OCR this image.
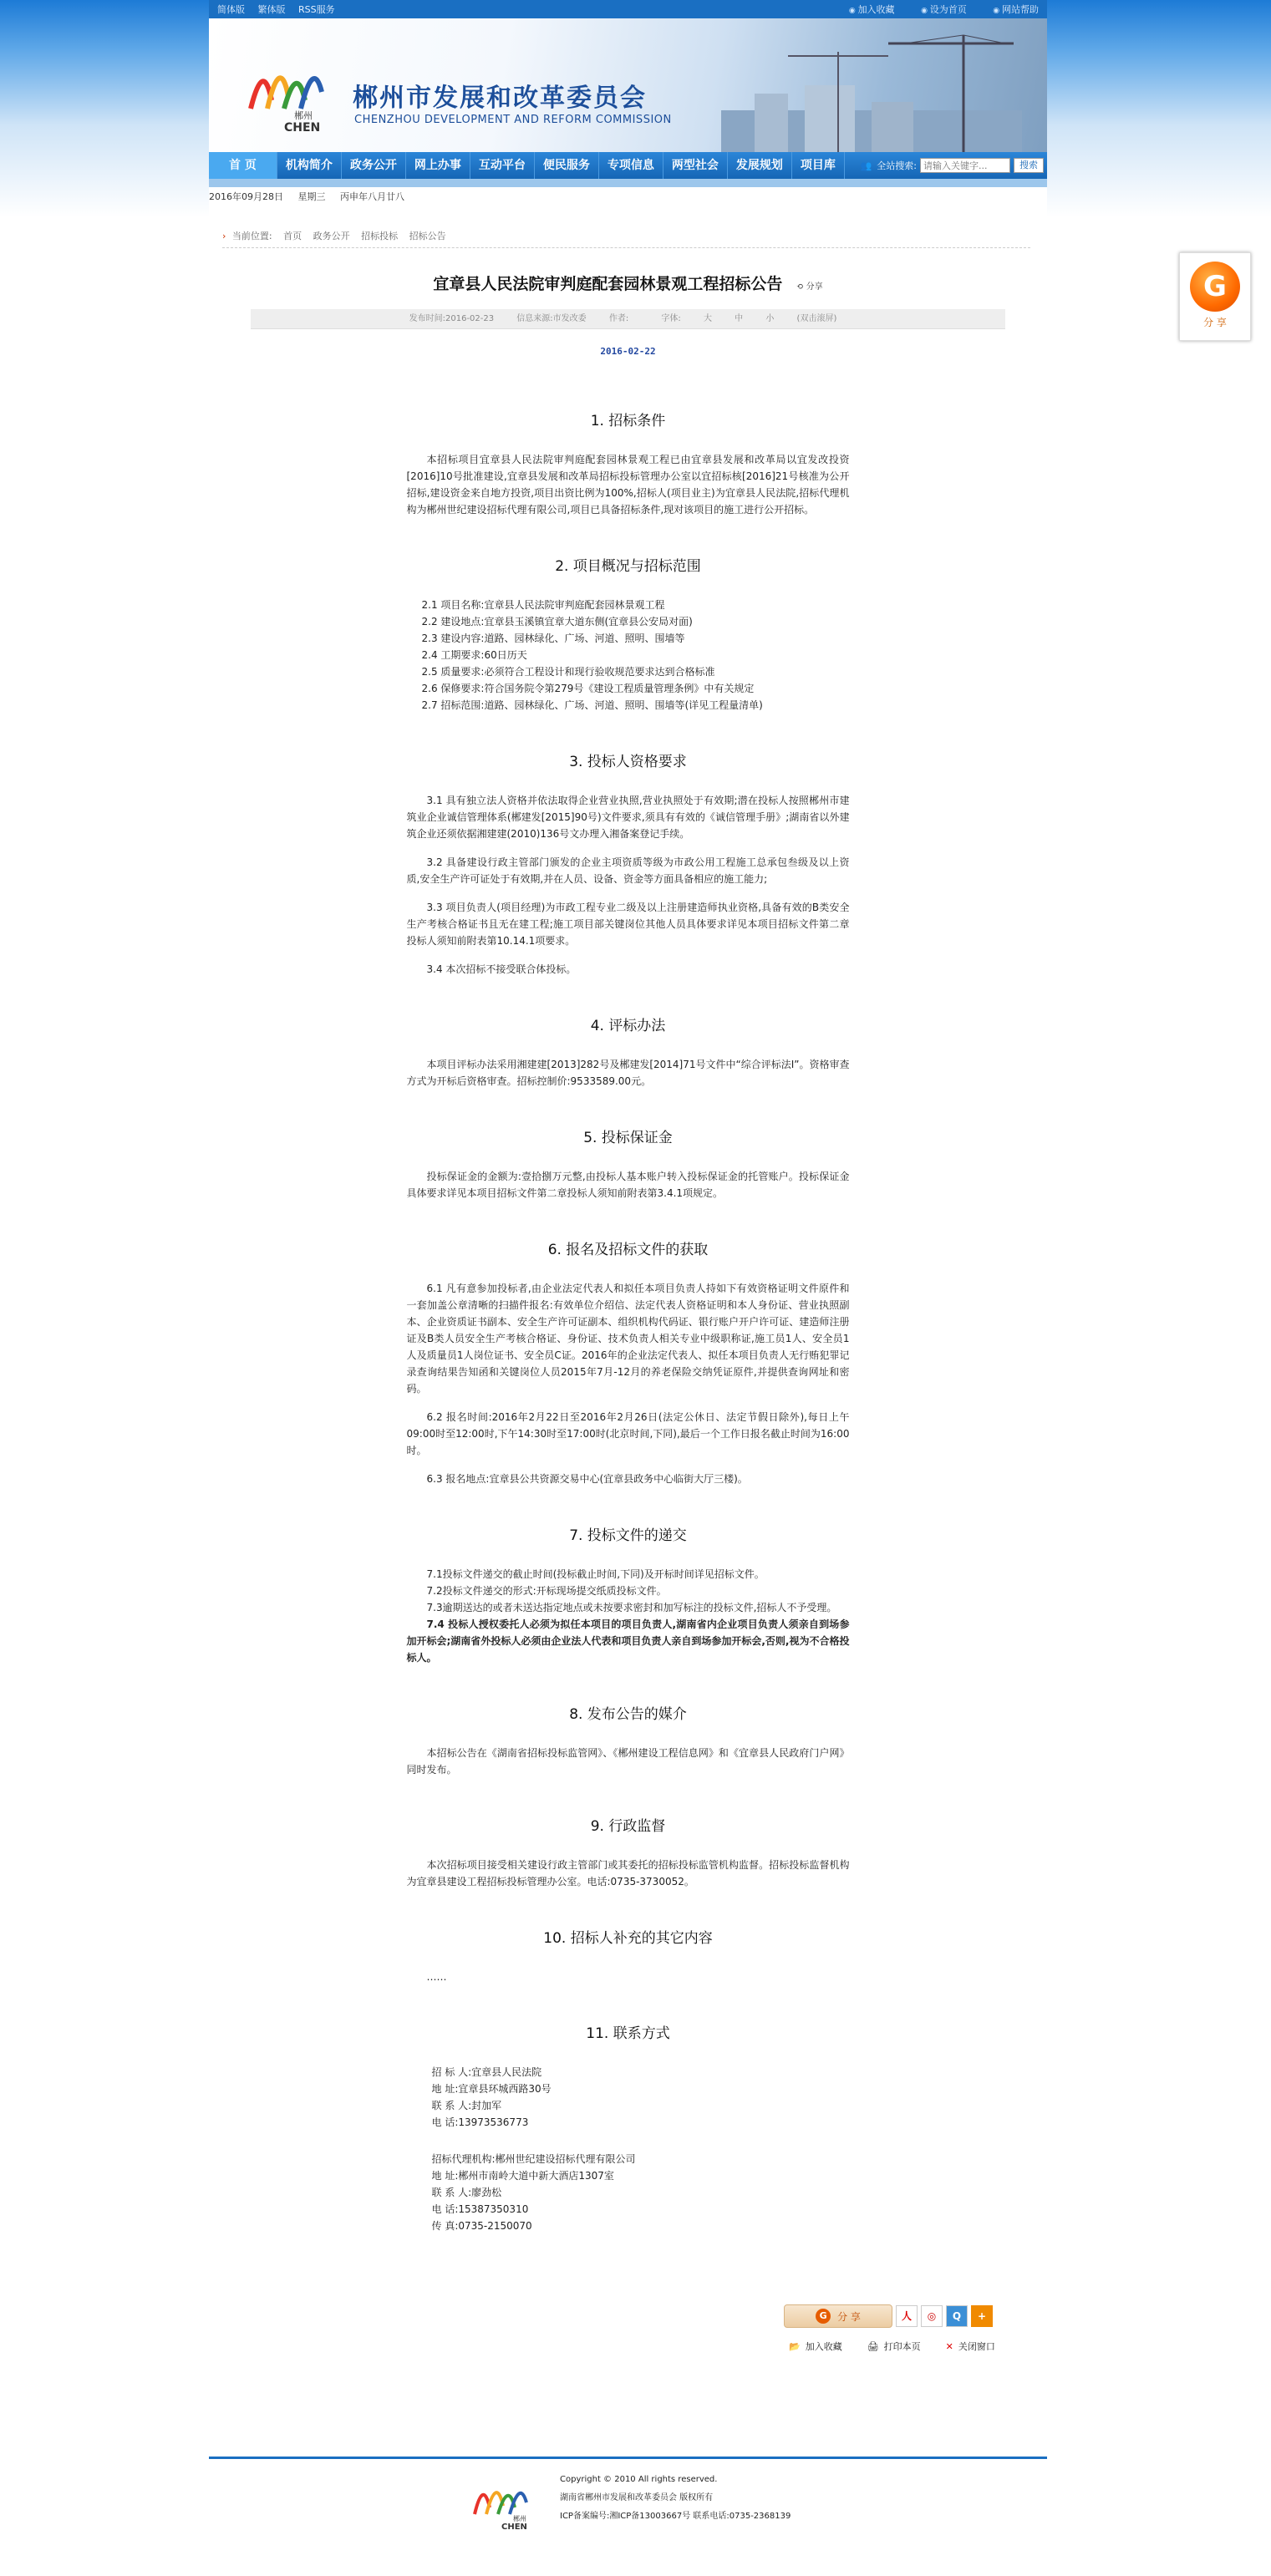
简体版 繁体版 RSS服务	◉ 加入收藏	◉ 设为首页	◉ 网站帮助
郴州
CHEN
郴州市发展和改革委员会
CHENZHOU DEVELOPMENT AND REFORM COMMISSION
首 页	机构简介	政务公开	网上办事	互动平台	便民服务	专项信息	两型社会	发展规划	项目库	👥 全站搜索:
请输入关键字...	搜索
2016年09月28日 星期三 丙申年八月廿八
› 当前位置: 首页 政务公开 招标投标 招标公告
宜章县人民法院审判庭配套园林景观工程招标公告 ⟲ 分享
发布时间:2016-02-23	信息来源:市发改委	作者:	字体:	大	中	小	(双击滚屏)
2016-02-22
1. 招标条件

本招标项目宜章县人民法院审判庭配套园林景观工程已由宜章县发展和改革局以宜发改投资[2016]10号批准建设,宜章县发展和改革局招标投标管理办公室以宜招标核[2016]21号核准为公开招标,建设资金来自地方投资,项目出资比例为100%,招标人(项目业主)为宜章县人民法院,招标代理机构为郴州世纪建设招标代理有限公司,项目已具备招标条件,现对该项目的施工进行公开招标。

2. 项目概况与招标范围

2.1 项目名称:宜章县人民法院审判庭配套园林景观工程

2.2 建设地点:宜章县玉溪镇宜章大道东侧(宜章县公安局对面)

2.3 建设内容:道路、园林绿化、广场、河道、照明、围墙等

2.4 工期要求:60日历天

2.5 质量要求:必须符合工程设计和现行验收规范要求达到合格标准

2.6 保修要求:符合国务院令第279号《建设工程质量管理条例》中有关规定

2.7 招标范围:道路、园林绿化、广场、河道、照明、围墙等(详见工程量清单)

3. 投标人资格要求

3.1 具有独立法人资格并依法取得企业营业执照,营业执照处于有效期;潜在投标人按照郴州市建筑业企业诚信管理体系(郴建发[2015]90号)文件要求,须具有有效的《诚信管理手册》;湖南省以外建筑企业还须依据湘建建(2010)136号文办理入湘备案登记手续。

3.2 具备建设行政主管部门颁发的企业主项资质等级为市政公用工程施工总承包叁级及以上资质,安全生产许可证处于有效期,并在人员、设备、资金等方面具备相应的施工能力;

3.3 项目负责人(项目经理)为市政工程专业二级及以上注册建造师执业资格,具备有效的B类安全生产考核合格证书且无在建工程;施工项目部关键岗位其他人员具体要求详见本项目招标文件第二章投标人须知前附表第10.14.1项要求。

3.4 本次招标不接受联合体投标。

4. 评标办法

本项目评标办法采用湘建建[2013]282号及郴建发[2014]71号文件中“综合评标法Ⅰ”。资格审查方式为开标后资格审查。招标控制价:9533589.00元。

5. 投标保证金

投标保证金的金额为:壹拾捌万元整,由投标人基本账户转入投标保证金的托管账户。投标保证金具体要求详见本项目招标文件第二章投标人须知前附表第3.4.1项规定。

6. 报名及招标文件的获取

6.1 凡有意参加投标者,由企业法定代表人和拟任本项目负责人持如下有效资格证明文件原件和一套加盖公章清晰的扫描件报名:有效单位介绍信、法定代表人资格证明和本人身份证、营业执照副本、企业资质证书副本、安全生产许可证副本、组织机构代码证、银行账户开户许可证、建造师注册证及B类人员安全生产考核合格证、身份证、技术负责人相关专业中级职称证,施工员1人、安全员1人及质量员1人岗位证书、安全员C证。2016年的企业法定代表人、拟任本项目负责人无行贿犯罪记录查询结果告知函和关键岗位人员2015年7月-12月的养老保险交纳凭证原件,并提供查询网址和密码。

6.2 报名时间:2016年2月22日至2016年2月26日(法定公休日、法定节假日除外),每日上午09:00时至12:00时,下午14:30时至17:00时(北京时间,下同),最后一个工作日报名截止时间为16:00时。

6.3 报名地点:宜章县公共资源交易中心(宜章县政务中心临街大厅三楼)。

7. 投标文件的递交

7.1投标文件递交的截止时间(投标截止时间,下同)及开标时间详见招标文件。

7.2投标文件递交的形式:开标现场提交纸质投标文件。

7.3逾期送达的或者未送达指定地点或未按要求密封和加写标注的投标文件,招标人不予受理。

7.4 投标人授权委托人必须为拟任本项目的项目负责人,湖南省内企业项目负责人须亲自到场参加开标会;湖南省外投标人必须由企业法人代表和项目负责人亲自到场参加开标会,否则,视为不合格投标人。

8. 发布公告的媒介

本招标公告在《湖南省招标投标监管网》、《郴州建设工程信息网》和《宜章县人民政府门户网》同时发布。

9. 行政监督

本次招标项目接受相关建设行政主管部门或其委托的招标投标监管机构监督。招标投标监督机构为宜章县建设工程招标投标管理办公室。电话:0735-3730052。

10. 招标人补充的其它内容

……

11. 联系方式
招 标 人:宜章县人民法院
地 址:宜章县环城西路30号
联 系 人:封加军
电 话:13973536773
招标代理机构:郴州世纪建设招标代理有限公司
地 址:郴州市南岭大道中新大酒店1307室
联 系 人:廖劲松
电 话:15387350310
传 真:0735-2150070
G	分 享	人	◎	Q	+
📂 加入收藏	🖨 打印本页	✕ 关闭窗口
郴州
CHEN
Copyright © 2010 All rights reserved.
湖南省郴州市发展和改革委员会 版权所有
ICP备案编号:湘ICP备13003667号 联系电话:0735-2368139
G
分 享
